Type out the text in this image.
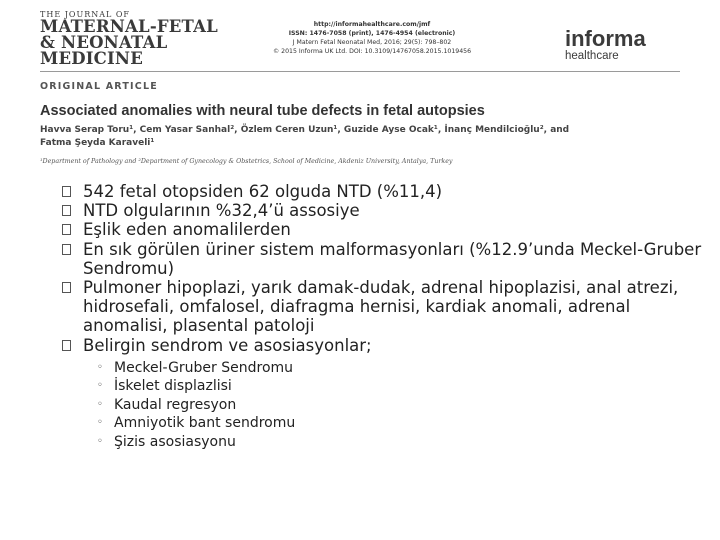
THE JOURNAL OF
MATERNAL-FETAL
& NEONATAL
MEDICINE
http://informahealthcare.com/jmf
ISSN: 1476-7058 (print), 1476-4954 (electronic)
J Matern Fetal Neonatal Med, 2016; 29(5): 798–802
© 2015 Informa UK Ltd. DOI: 10.3109/14767058.2015.1019456
informa
healthcare
ORIGINAL ARTICLE
Associated anomalies with neural tube defects in fetal autopsies
Havva Serap Toru¹, Cem Yasar Sanhal², Özlem Ceren Uzun¹, Guzide Ayse Ocak¹, İnanç Mendilcioğlu², and
Fatma Şeyda Karaveli¹
¹Department of Pathology and ²Department of Gynecology & Obstetrics, School of Medicine, Akdeniz University, Antalya, Turkey
542 fetal otopsiden 62 olguda NTD (%11,4)
NTD olgularının %32,4’ü assosiye
Eşlik eden anomalilerden
En sık görülen üriner sistem malformasyonları (%12.9’unda Meckel-Gruber Sendromu)
Pulmoner hipoplazi, yarık damak-dudak, adrenal hipoplazisi, anal atrezi, hidrosefali, omfalosel, diafragma hernisi, kardiak anomali, adrenal anomalisi, plasental patoloji
Belirgin sendrom ve asosiasyonlar;
◦ Meckel-Gruber Sendromu
◦ İskelet displazlisi
◦ Kaudal regresyon
◦ Amniyotik bant sendromu
◦ Şizis asosiasyonu
